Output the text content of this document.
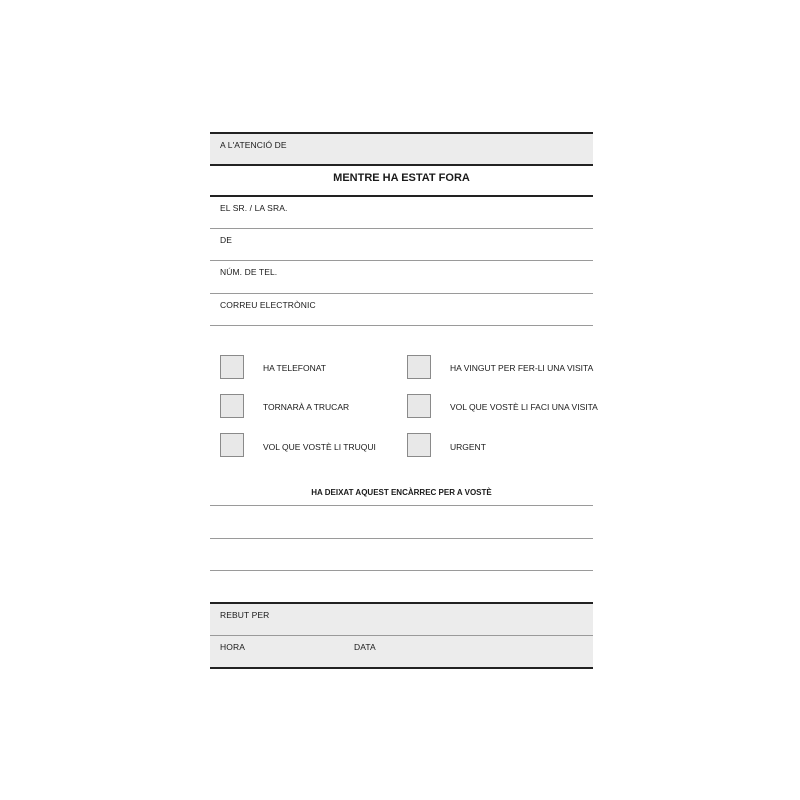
A L'ATENCIÓ DE
MENTRE HA ESTAT FORA
EL SR. / LA SRA.
DE
NÚM. DE TEL.
CORREU ELECTRÒNIC
HA TELEFONAT	HA VINGUT PER FER-LI UNA VISITA
TORNARÀ A TRUCAR	VOL QUE VOSTÈ LI FACI UNA VISITA
VOL QUE VOSTÈ LI TRUQUI	URGENT
HA DEIXAT AQUEST ENCÀRREC PER A VOSTÈ
REBUT PER
HORA	DATA
